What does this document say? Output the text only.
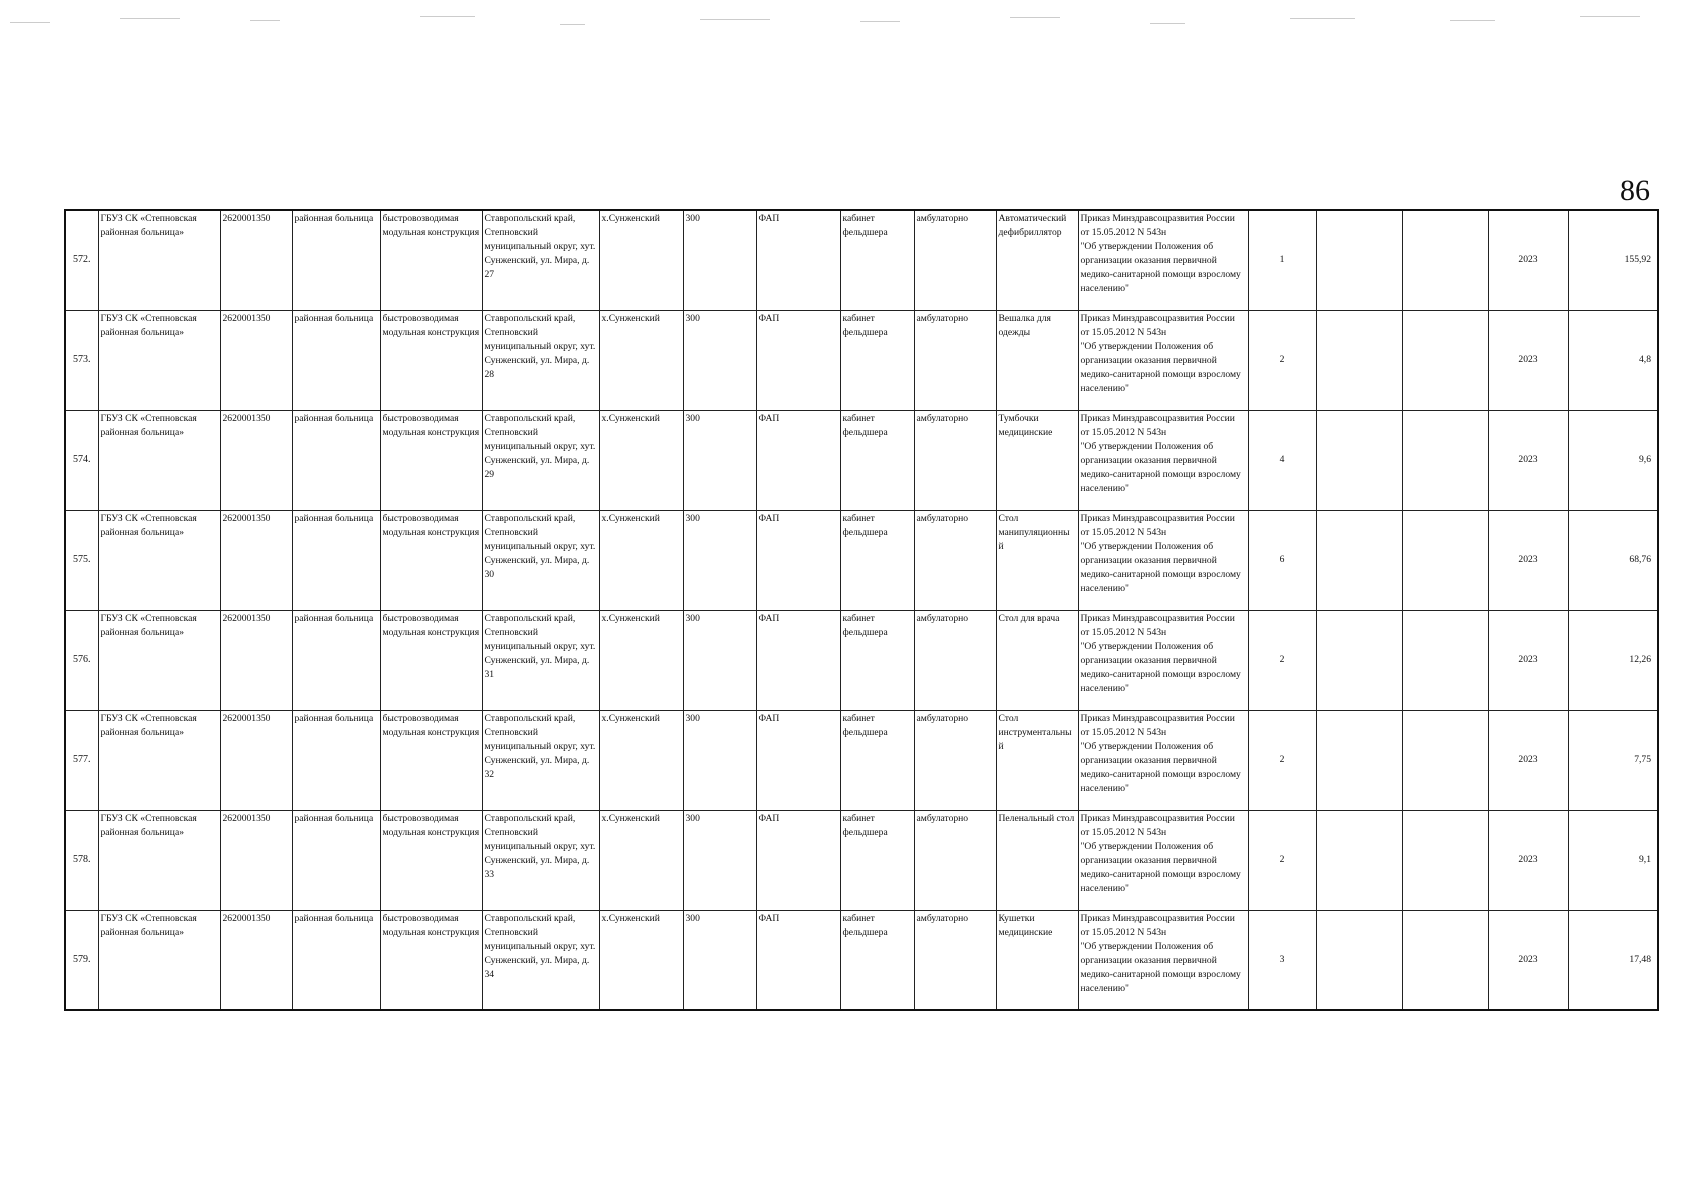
86
572.	ГБУЗ СК «Степновская районная больница»	2620001350	районная больница	быстровозводимая модульная конструкция	Ставропольский край, Степновский муниципальный округ, хут. Сунженский, ул. Мира, д. 27	х.Сунженский	300	ФАП	кабинет фельдшера	амбулаторно	Автоматический дефибриллятор	Приказ Минздравсоцразвития России от 15.05.2012 N 543н
"Об утверждении Положения об организации оказания первичной медико-санитарной помощи взрослому населению"	1			2023	155,92
573.	ГБУЗ СК «Степновская районная больница»	2620001350	районная больница	быстровозводимая модульная конструкция	Ставропольский край, Степновский муниципальный округ, хут. Сунженский, ул. Мира, д. 28	х.Сунженский	300	ФАП	кабинет фельдшера	амбулаторно	Вешалка для одежды	Приказ Минздравсоцразвития России от 15.05.2012 N 543н
"Об утверждении Положения об организации оказания первичной медико-санитарной помощи взрослому населению"	2			2023	4,8
574.	ГБУЗ СК «Степновская районная больница»	2620001350	районная больница	быстровозводимая модульная конструкция	Ставропольский край, Степновский муниципальный округ, хут. Сунженский, ул. Мира, д. 29	х.Сунженский	300	ФАП	кабинет фельдшера	амбулаторно	Тумбочки медицинские	Приказ Минздравсоцразвития России от 15.05.2012 N 543н
"Об утверждении Положения об организации оказания первичной медико-санитарной помощи взрослому населению"	4			2023	9,6
575.	ГБУЗ СК «Степновская районная больница»	2620001350	районная больница	быстровозводимая модульная конструкция	Ставропольский край, Степновский муниципальный округ, хут. Сунженский, ул. Мира, д. 30	х.Сунженский	300	ФАП	кабинет фельдшера	амбулаторно	Стол манипуляционны й	Приказ Минздравсоцразвития России от 15.05.2012 N 543н
"Об утверждении Положения об организации оказания первичной медико-санитарной помощи взрослому населению"	6			2023	68,76
576.	ГБУЗ СК «Степновская районная больница»	2620001350	районная больница	быстровозводимая модульная конструкция	Ставропольский край, Степновский муниципальный округ, хут. Сунженский, ул. Мира, д. 31	х.Сунженский	300	ФАП	кабинет фельдшера	амбулаторно	Стол для врача	Приказ Минздравсоцразвития России от 15.05.2012 N 543н
"Об утверждении Положения об организации оказания первичной медико-санитарной помощи взрослому населению"	2			2023	12,26
577.	ГБУЗ СК «Степновская районная больница»	2620001350	районная больница	быстровозводимая модульная конструкция	Ставропольский край, Степновский муниципальный округ, хут. Сунженский, ул. Мира, д. 32	х.Сунженский	300	ФАП	кабинет фельдшера	амбулаторно	Стол инструментальны й	Приказ Минздравсоцразвития России от 15.05.2012 N 543н
"Об утверждении Положения об организации оказания первичной медико-санитарной помощи взрослому населению"	2			2023	7,75
578.	ГБУЗ СК «Степновская районная больница»	2620001350	районная больница	быстровозводимая модульная конструкция	Ставропольский край, Степновский муниципальный округ, хут. Сунженский, ул. Мира, д. 33	х.Сунженский	300	ФАП	кабинет фельдшера	амбулаторно	Пеленальный стол	Приказ Минздравсоцразвития России от 15.05.2012 N 543н
"Об утверждении Положения об организации оказания первичной медико-санитарной помощи взрослому населению"	2			2023	9,1
579.	ГБУЗ СК «Степновская районная больница»	2620001350	районная больница	быстровозводимая модульная конструкция	Ставропольский край, Степновский муниципальный округ, хут. Сунженский, ул. Мира, д. 34	х.Сунженский	300	ФАП	кабинет фельдшера	амбулаторно	Кушетки медицинские	Приказ Минздравсоцразвития России от 15.05.2012 N 543н
"Об утверждении Положения об организации оказания первичной медико-санитарной помощи взрослому населению"	3			2023	17,48
